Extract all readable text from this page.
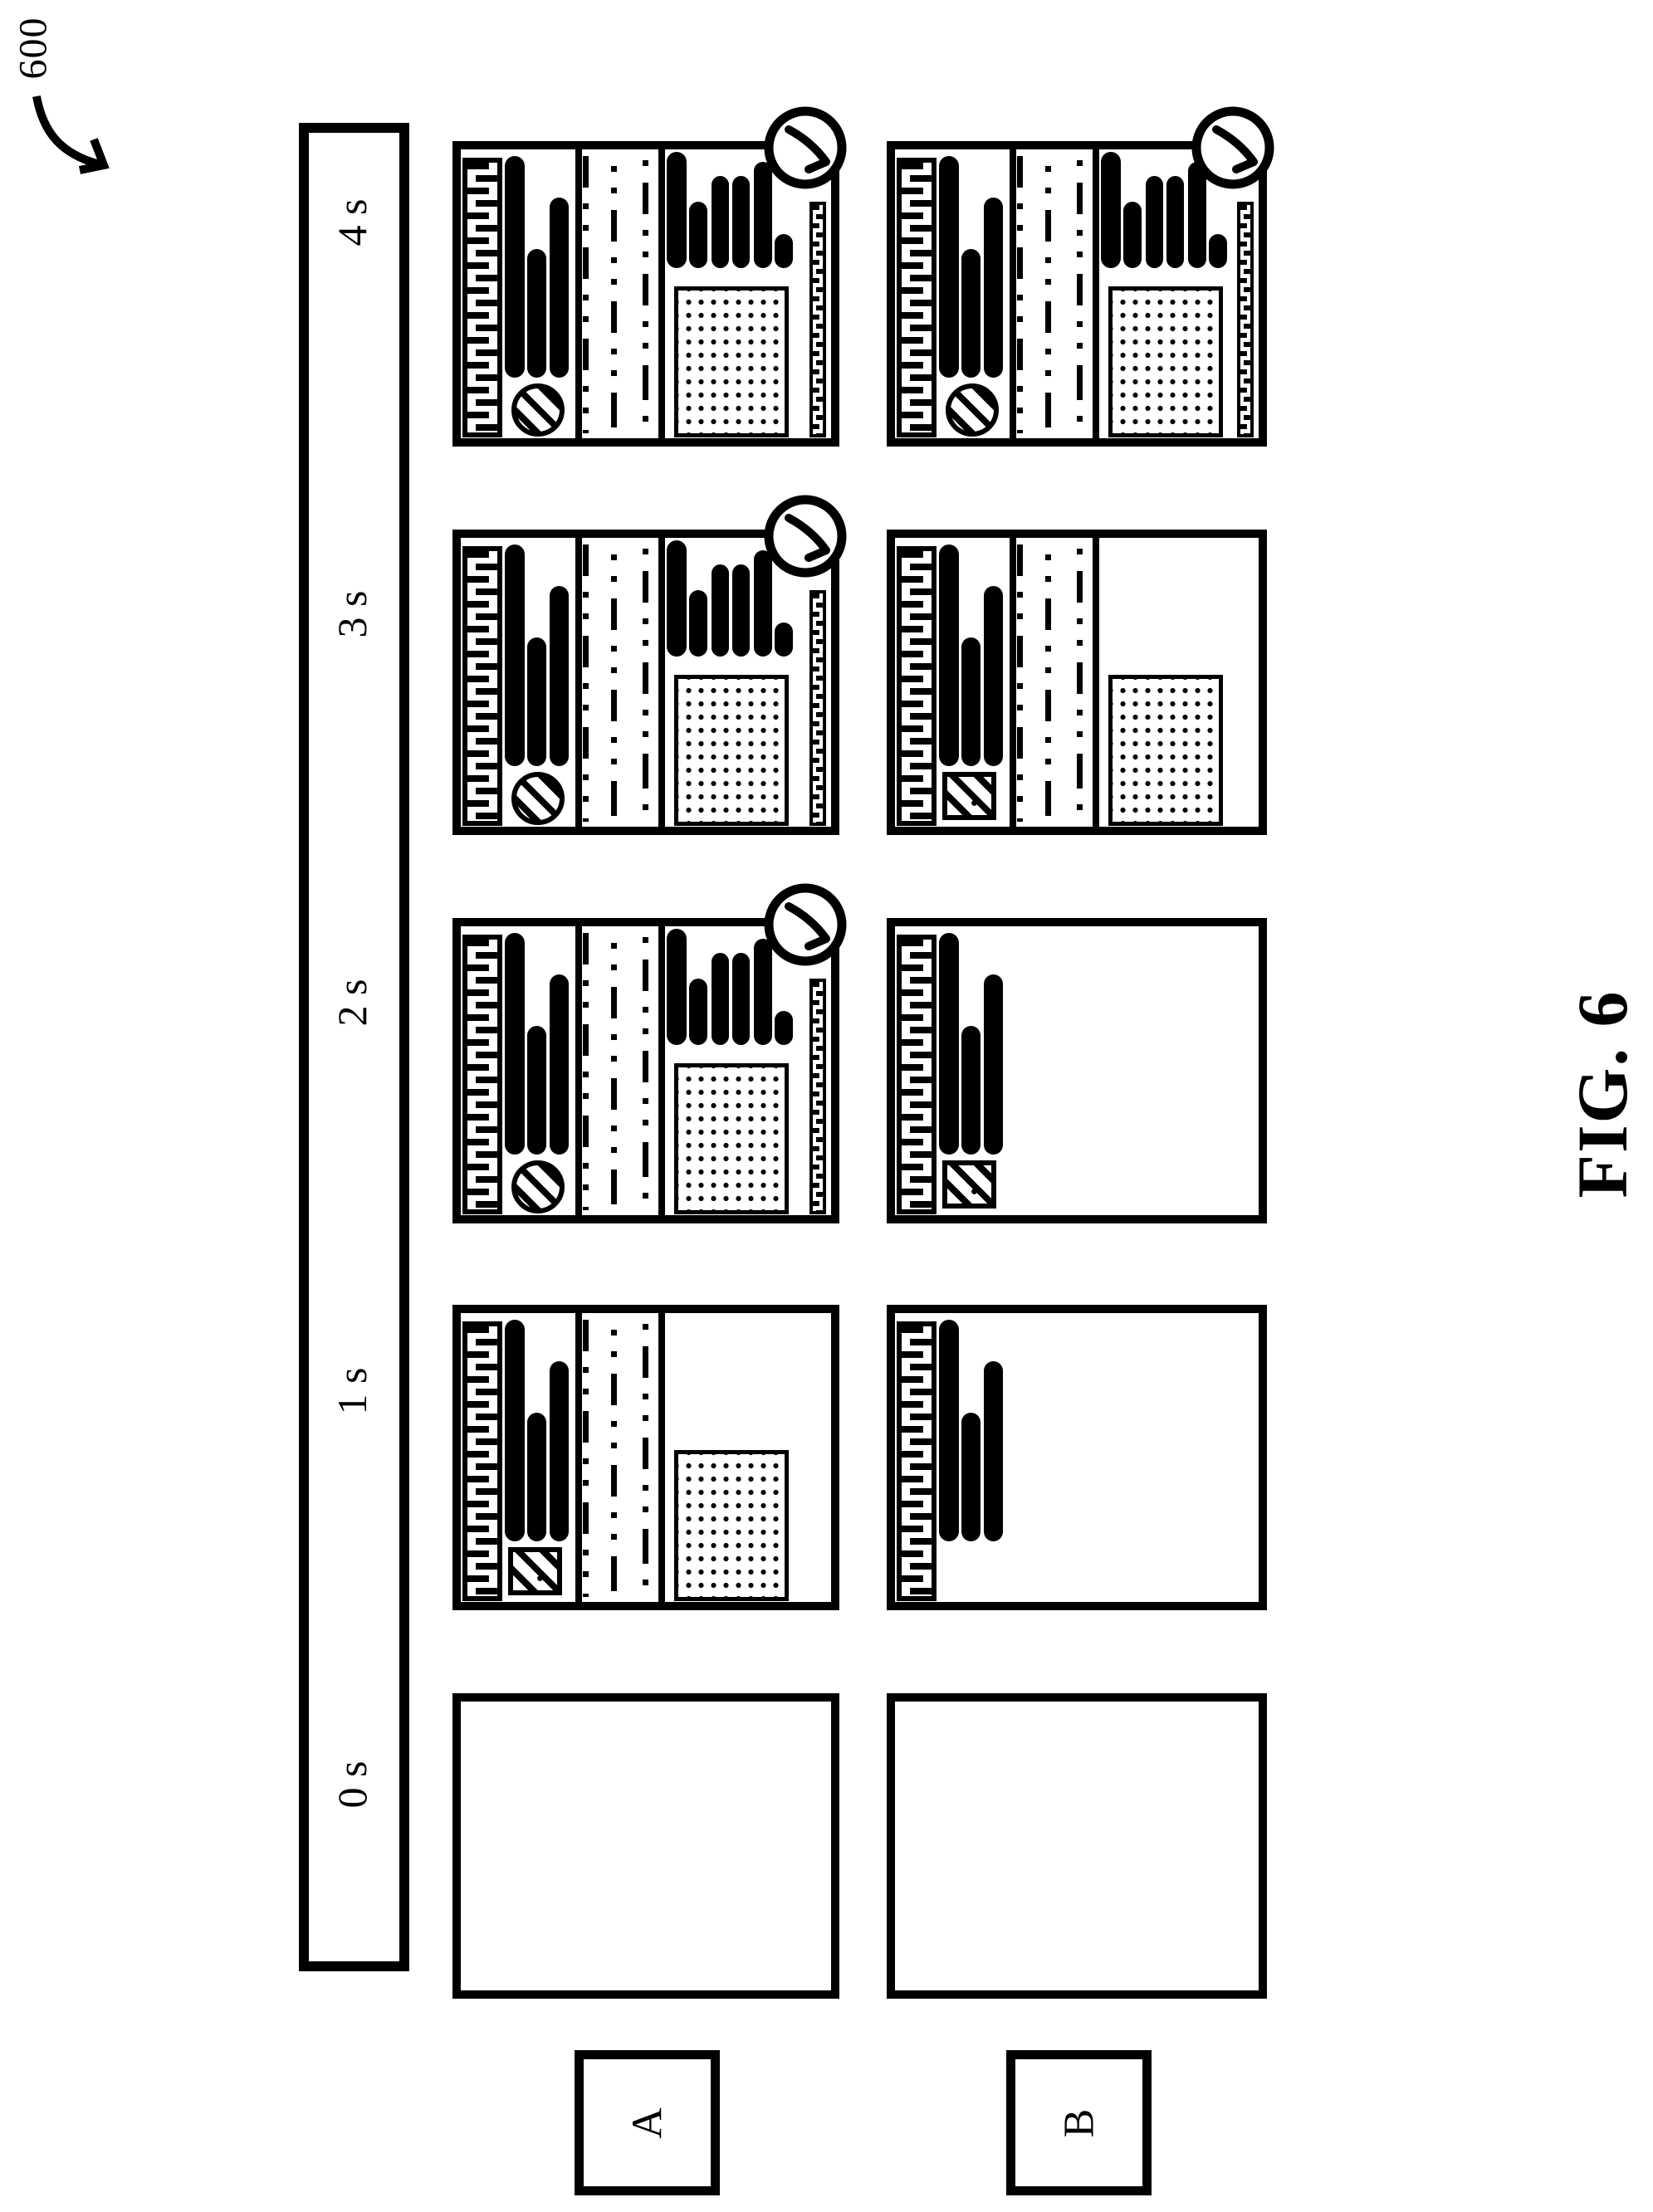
600
4 s
3 s
2 s
1 s
0 s
A	B
FIG. 6
